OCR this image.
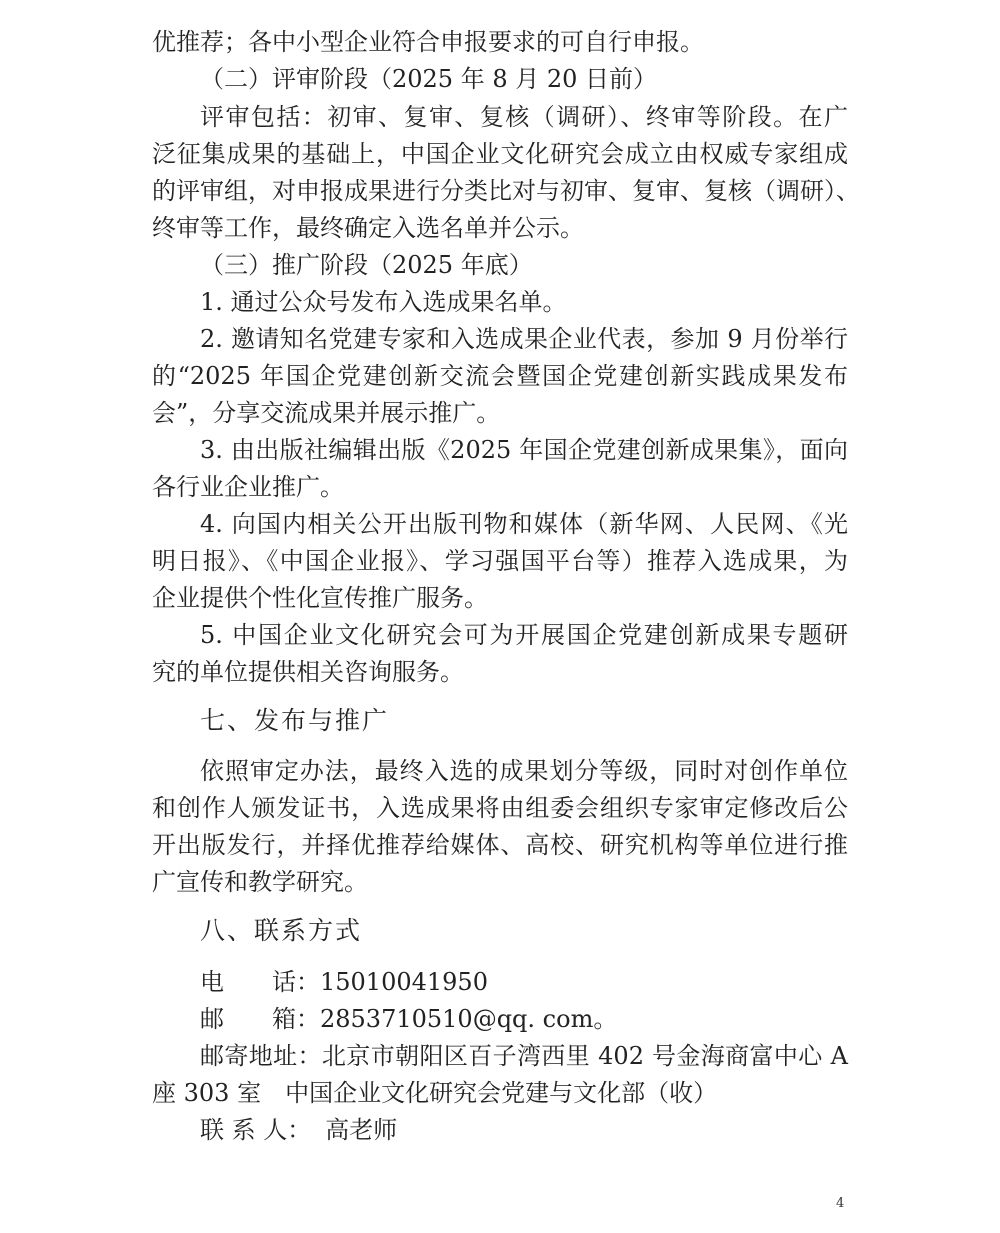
优推荐；各中小型企业符合申报要求的可自行申报。
（二）评审阶段（2025 年 8 月 20 日前）
评审包括：初审、复审、复核（调研）、终审等阶段。在广
泛征集成果的基础上，中国企业文化研究会成立由权威专家组成
的评审组，对申报成果进行分类比对与初审、复审、复核（调研）、
终审等工作，最终确定入选名单并公示。
（三）推广阶段（2025 年底）
1. 通过公众号发布入选成果名单。
2. 邀请知名党建专家和入选成果企业代表，参加 9 月份举行
的“2025 年国企党建创新交流会暨国企党建创新实践成果发布
会”，分享交流成果并展示推广。
3. 由出版社编辑出版《2025 年国企党建创新成果集》，面向
各行业企业推广。
4. 向国内相关公开出版刊物和媒体（新华网、人民网、《光
明日报》、《中国企业报》、学习强国平台等）推荐入选成果，为
企业提供个性化宣传推广服务。
5. 中国企业文化研究会可为开展国企党建创新成果专题研
究的单位提供相关咨询服务。
七、发布与推广
依照审定办法，最终入选的成果划分等级，同时对创作单位
和创作人颁发证书，入选成果将由组委会组织专家审定修改后公
开出版发行，并择优推荐给媒体、高校、研究机构等单位进行推
广宣传和教学研究。
八、联系方式
电　　话：15010041950
邮　　箱：2853710510@qq. com。
邮寄地址：北京市朝阳区百子湾西里 402 号金海商富中心 A
座 303 室　中国企业文化研究会党建与文化部（收）
联 系 人： 高老师
4
